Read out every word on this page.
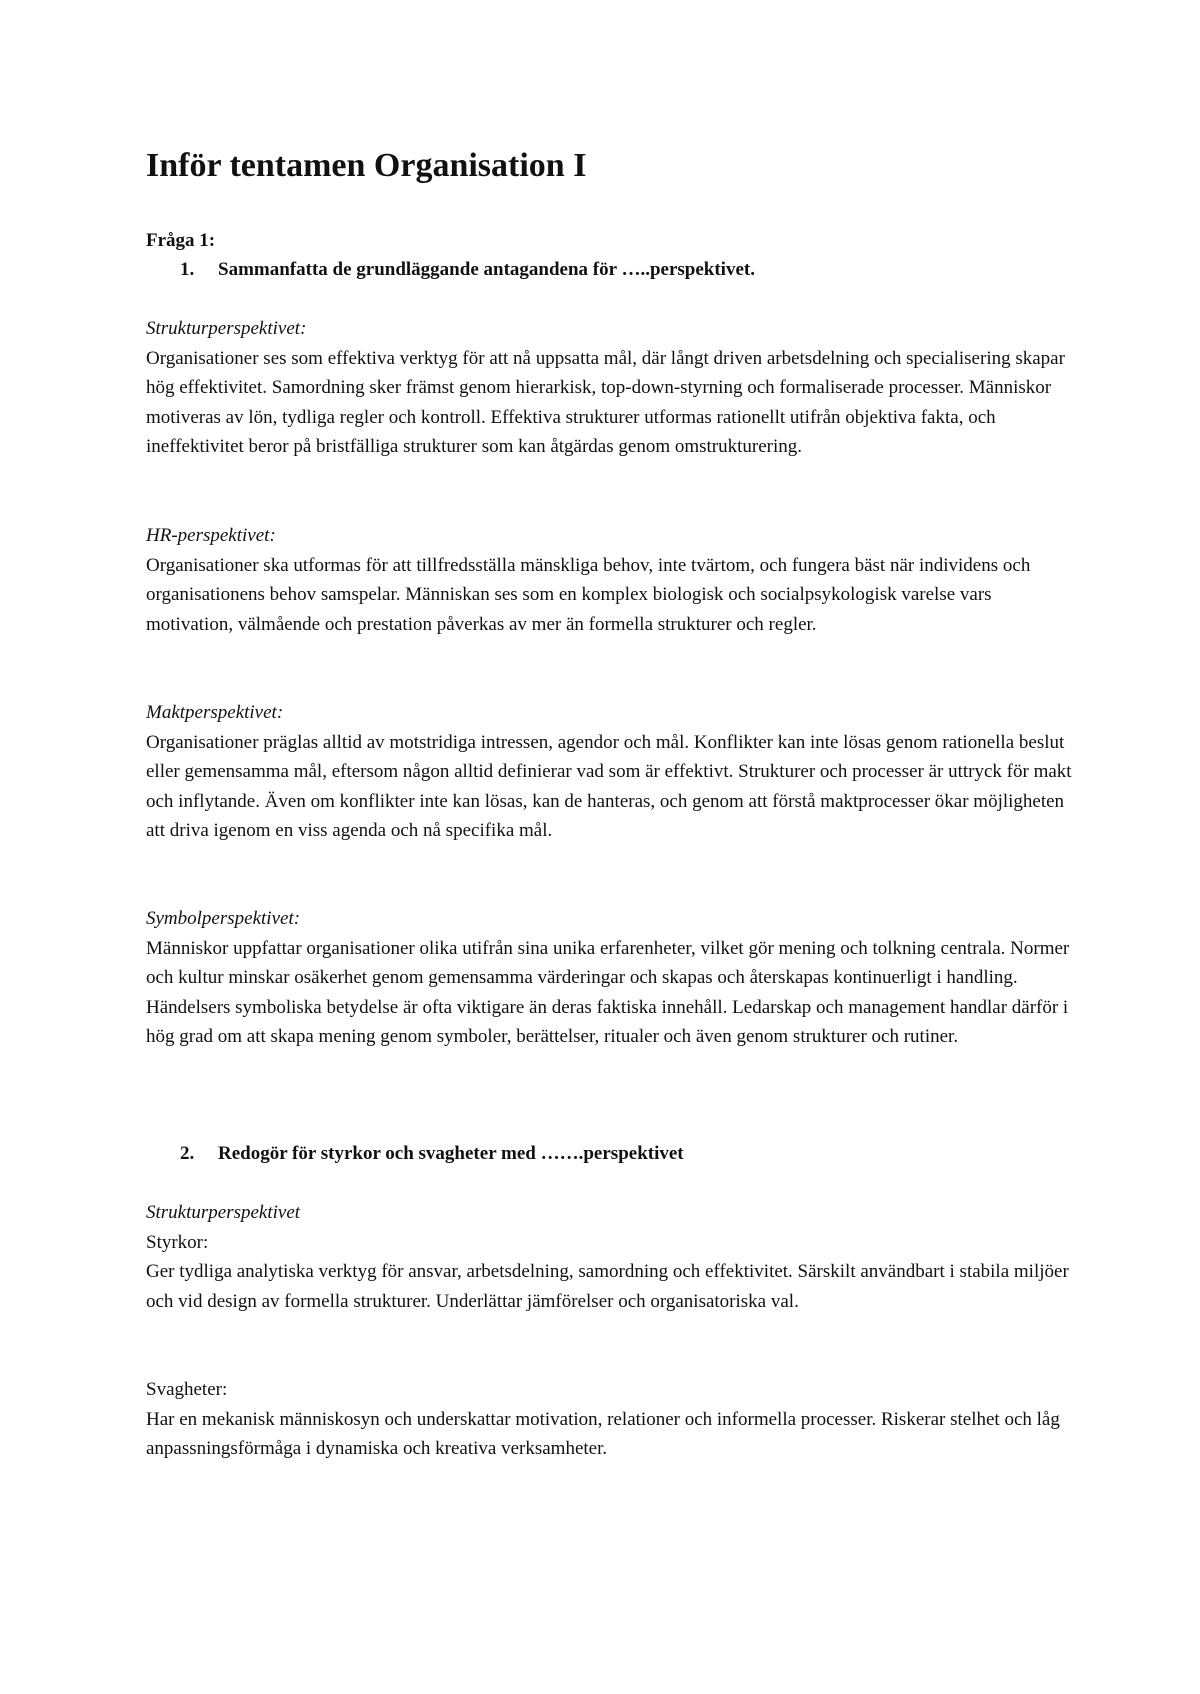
Inför tentamen Organisation I
Fråga 1:
1. Sammanfatta de grundläggande antagandena för …..perspektivet.
Strukturperspektivet:

Organisationer ses som effektiva verktyg för att nå uppsatta mål, där långt driven arbetsdelning och specialisering skapar hög effektivitet. Samordning sker främst genom hierarkisk, top-down-styrning och formaliserade processer. Människor motiveras av lön, tydliga regler och kontroll. Effektiva strukturer utformas rationellt utifrån objektiva fakta, och ineffektivitet beror på bristfälliga strukturer som kan åtgärdas genom omstrukturering.

HR-perspektivet:

Organisationer ska utformas för att tillfredsställa mänskliga behov, inte tvärtom, och fungera bäst när individens och organisationens behov samspelar. Människan ses som en komplex biologisk och socialpsykologisk varelse vars motivation, välmående och prestation påverkas av mer än formella strukturer och regler.

Maktperspektivet:

Organisationer präglas alltid av motstridiga intressen, agendor och mål. Konflikter kan inte lösas genom rationella beslut eller gemensamma mål, eftersom någon alltid definierar vad som är effektivt. Strukturer och processer är uttryck för makt och inflytande. Även om konflikter inte kan lösas, kan de hanteras, och genom att förstå maktprocesser ökar möjligheten att driva igenom en viss agenda och nå specifika mål.

Symbolperspektivet:

Människor uppfattar organisationer olika utifrån sina unika erfarenheter, vilket gör mening och tolkning centrala. Normer och kultur minskar osäkerhet genom gemensamma värderingar och skapas och återskapas kontinuerligt i handling. Händelsers symboliska betydelse är ofta viktigare än deras faktiska innehåll. Ledarskap och management handlar därför i hög grad om att skapa mening genom symboler, berättelser, ritualer och även genom strukturer och rutiner.

2. Redogör för styrkor och svagheter med …….perspektivet
Strukturperspektivet
Styrkor:

Ger tydliga analytiska verktyg för ansvar, arbetsdelning, samordning och effektivitet. Särskilt användbart i stabila miljöer och vid design av formella strukturer. Underlättar jämförelser och organisatoriska val.

Svagheter:

Har en mekanisk människosyn och underskattar motivation, relationer och informella processer. Riskerar stelhet och låg anpassningsförmåga i dynamiska och kreativa verksamheter.
